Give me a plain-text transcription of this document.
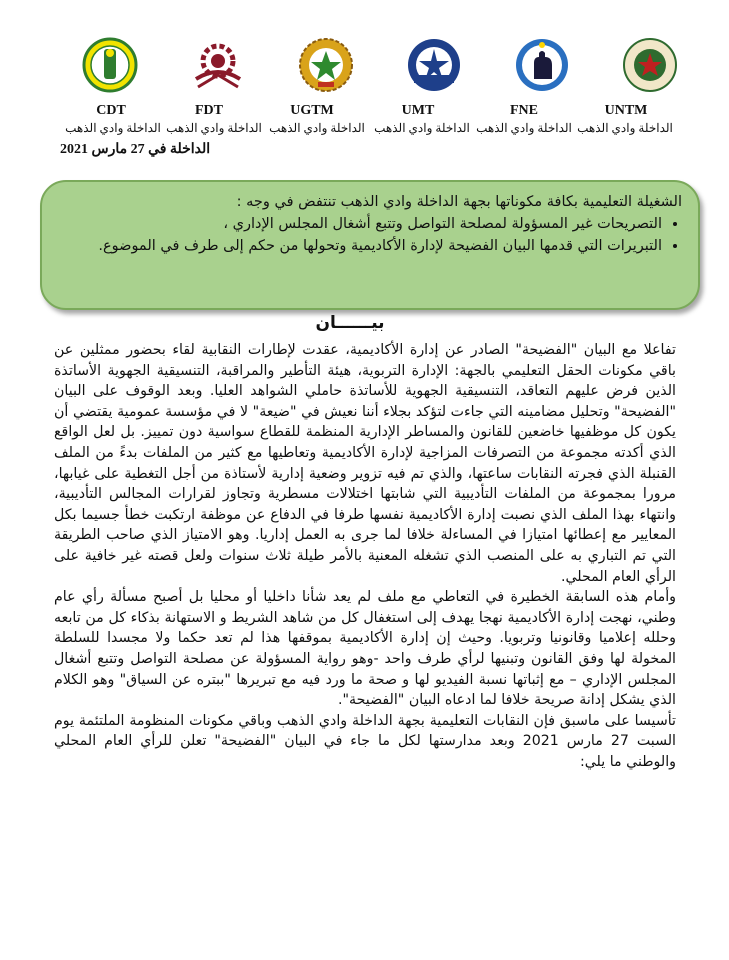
CDT	FDT	UGTM	UMT	FNE	UNTM
الداخلة وادي الذهب الداخلة وادي الذهب الداخلة وادي الذهب الداخلة وادي الذهب الداخلة وادي الذهب الداخلة وادي الذهب
الداخلة في 27 مارس 2021
الشغيلة التعليمية بكافة مكوناتها بجهة الداخلة وادي الذهب تنتفض في وجه :
• التصريحات غير المسؤولة لمصلحة التواصل وتتبع أشغال المجلس الإداري ،
• التبريرات التي قدمها البيان الفضيحة لإدارة الأكاديمية وتحولها من حكم إلى طرف في الموضوع.
بيــــــان

تفاعلا مع البيان "الفضيحة" الصادر عن إدارة الأكاديمية، عقدت لإطارات النقابية لقاء بحضور ممثلين عن باقي مكونات الحقل التعليمي بالجهة: الإدارة التربوية، هيئة التأطير والمراقبة، التنسيقية الجهوية الأساتذة الذين فرض عليهم التعاقد، التنسيقية الجهوية للأساتذة حاملي الشواهد العليا. وبعد الوقوف على البيان "الفضيحة" وتحليل مضامينه التي جاءت لتؤكد بجلاء أننا نعيش في "ضيعة" لا في مؤسسة عمومية يقتضي أن يكون كل موظفيها خاضعين للقانون والمساطر الإدارية المنظمة للقطاع سواسية دون تمييز. بل لعل الواقع الذي أكدته مجموعة من التصرفات المزاجية لإدارة الأكاديمية وتعاطيها مع كثير من الملفات بدءً من الملف القنبلة الذي فجرته النقابات ساعتها، والذي تم فيه تزوير وضعية إدارية لأستاذة من أجل التغطية على غيابها، مرورا بمجموعة من الملفات التأديبية التي شابتها اختلالات مسطرية وتجاوز لقرارات المجالس التأديبية، وانتهاء بهذا الملف الذي نصبت إدارة الأكاديمية نفسها طرفا في الدفاع عن موظفة ارتكبت خطأ جسيما بكل المعايير مع إعطائها امتيازا في المساءلة خلافا لما جرى به العمل إداريا. وهو الامتياز الذي صاحب الطريقة التي تم التباري به على المنصب الذي تشغله المعنية بالأمر طيلة ثلاث سنوات ولعل قصته غير خافية على الرأي العام المحلي.

وأمام هذه السابقة الخطيرة في التعاطي مع ملف لم يعد شأنا داخليا أو محليا بل أصبح مسألة رأي عام وطني، نهجت إدارة الأكاديمية نهجا يهدف إلى استغفال كل من شاهد الشريط و الاستهانة بذكاء كل من تابعه وحلله إعلاميا وقانونيا وتربويا. وحيث إن إدارة الأكاديمية بموقفها هذا لم تعد حكما ولا مجسدا للسلطة المخولة لها وفق القانون وتبنيها لرأي طرف واحد -وهو رواية المسؤولة عن مصلحة التواصل وتتبع أشغال المجلس الإداري – مع إثباتها نسبة الفيديو لها و صحة ما ورد فيه مع تبريرها "ببتره عن السياق" وهو الكلام الذي يشكل إدانة صريحة خلافا لما ادعاه البيان "الفضيحة".

تأسيسا على ماسبق فإن النقابات التعليمية بجهة الداخلة وادي الذهب وباقي مكونات المنظومة الملتئمة يوم السبت 27 مارس 2021 وبعد مدارستها لكل ما جاء في البيان "الفضيحة" تعلن للرأي العام المحلي والوطني ما يلي:
